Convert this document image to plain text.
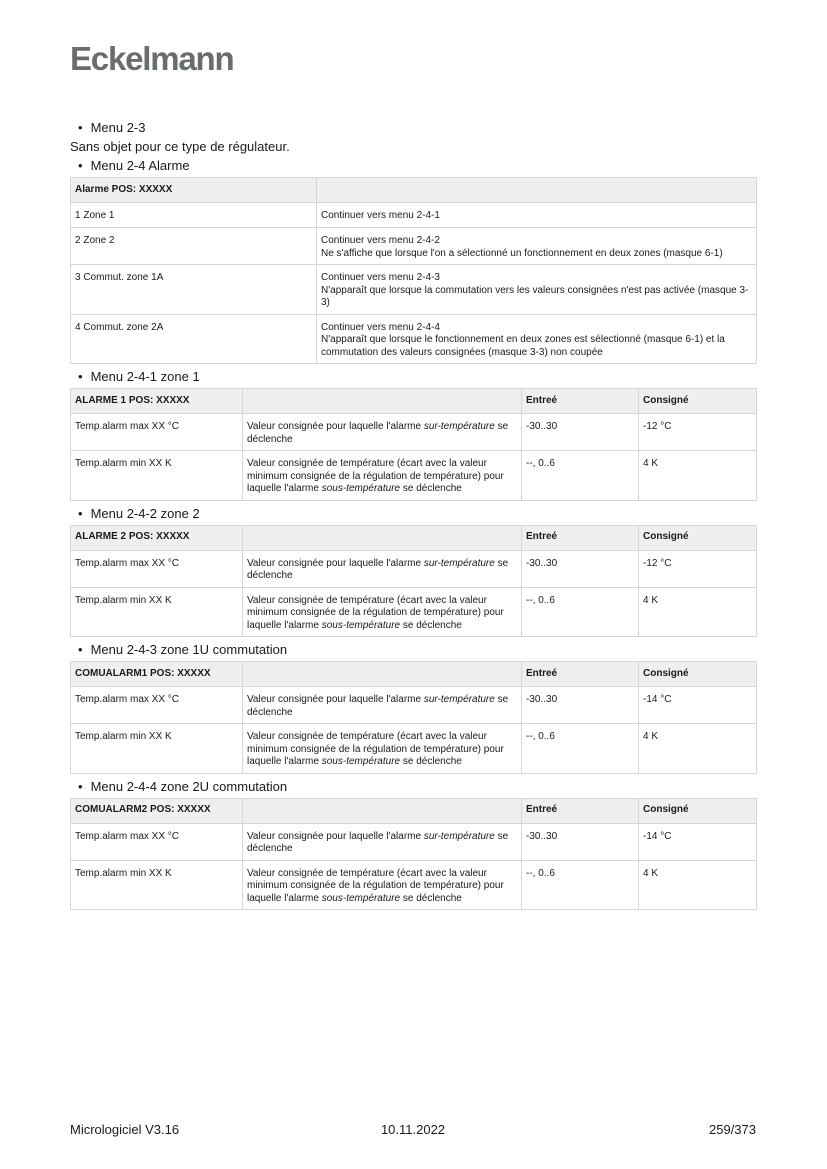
Eckelmann
• Menu 2-3
Sans objet pour ce type de régulateur.
• Menu 2-4 Alarme
Alarme POS: XXXXX	
1 Zone 1	Continuer vers menu 2-4-1
2 Zone 2	Continuer vers menu 2-4-2
Ne s'affiche que lorsque l'on a sélectionné un fonctionnement en deux zones (masque 6-1)

3 Commut. zone 1A	Continuer vers menu 2-4-3
N'apparaît que lorsque la commutation vers les valeurs consignées n'est pas activée (masque 3-3)

4 Commut. zone 2A	Continuer vers menu 2-4-4
N'apparaît que lorsque le fonctionnement en deux zones est sélectionné (masque 6-1) et la commutation des valeurs consignées (masque 3-3) non coupée
• Menu 2-4-1 zone 1
ALARME 1 POS: XXXXX		Entreé	Consigné
Temp.alarm max XX °C	Valeur consignée pour laquelle l'alarme sur-température se déclenche	-30..30	-12 °C
Temp.alarm min XX K	Valeur consignée de température (écart avec la valeur minimum consignée de la régulation de température) pour laquelle l'alarme sous-température se déclenche	--, 0..6	4 K
• Menu 2-4-2 zone 2
ALARME 2 POS: XXXXX		Entreé	Consigné
Temp.alarm max XX °C	Valeur consignée pour laquelle l'alarme sur-température se déclenche	-30..30	-12 °C
Temp.alarm min XX K	Valeur consignée de température (écart avec la valeur minimum consignée de la régulation de température) pour laquelle l'alarme sous-température se déclenche	--, 0..6	4 K
• Menu 2-4-3 zone 1U commutation
COMUALARM1 POS: XXXXX		Entreé	Consigné
Temp.alarm max XX °C	Valeur consignée pour laquelle l'alarme sur-température se déclenche	-30..30	-14 °C
Temp.alarm min XX K	Valeur consignée de température (écart avec la valeur minimum consignée de la régulation de température) pour laquelle l'alarme sous-température se déclenche	--, 0..6	4 K
• Menu 2-4-4 zone 2U commutation
COMUALARM2 POS: XXXXX		Entreé	Consigné
Temp.alarm max XX °C	Valeur consignée pour laquelle l'alarme sur-température se déclenche	-30..30	-14 °C
Temp.alarm min XX K	Valeur consignée de température (écart avec la valeur minimum consignée de la régulation de température) pour laquelle l'alarme sous-température se déclenche	--, 0..6	4 K
Micrologiciel V3.16	10.11.2022	259/373
